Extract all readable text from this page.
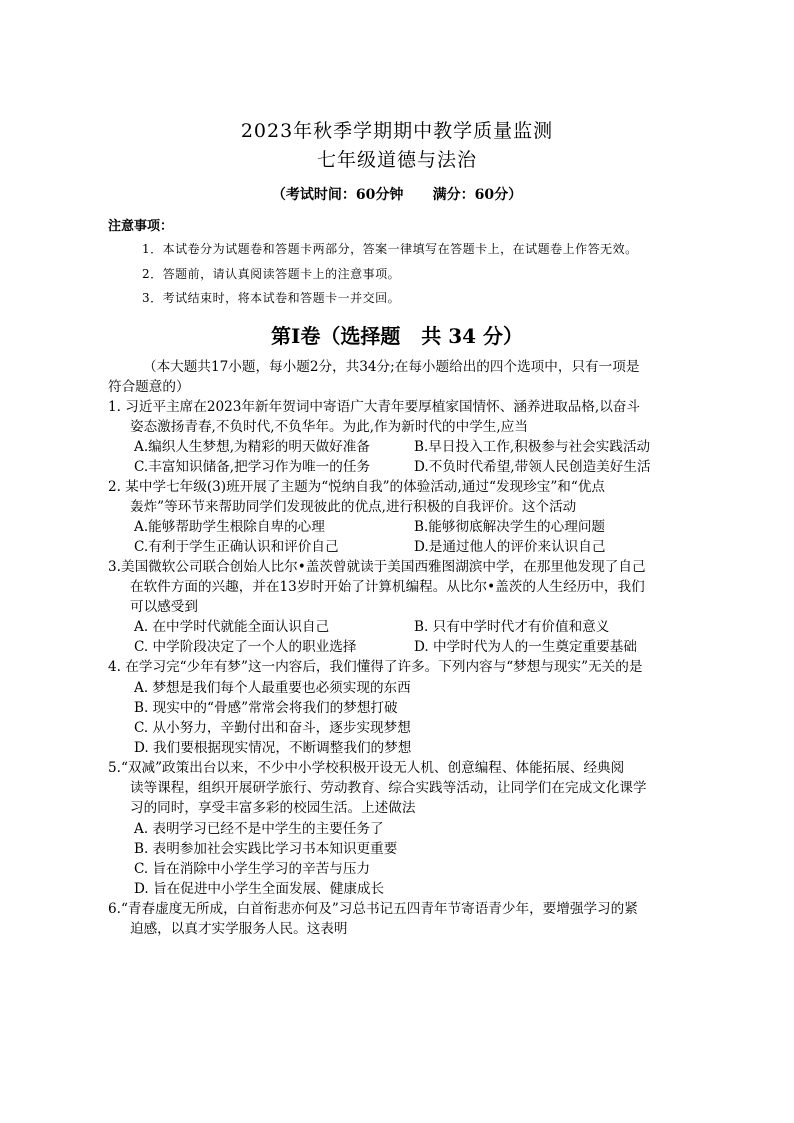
2023年秋季学期期中教学质量监测
七年级道德与法治
（考试时间：60分钟      满分：60分）
注意事项：
1．本试卷分为试题卷和答题卡两部分，答案一律填写在答题卡上，在试题卷上作答无效。
2．答题前，请认真阅读答题卡上的注意事项。
3．考试结束时，将本试卷和答题卡一并交回。
第Ⅰ卷（选择题   共 34 分）
（本大题共17小题，每小题2分，共34分;在每小题给出的四个选项中，只有一项是
符合题意的）
1. 习近平主席在2023年新年贺词中寄语广大青年要厚植家国情怀、涵养进取品格,以奋斗
姿态激扬青春,不负时代,不负华年。为此,作为新时代的中学生,应当
A.编织人生梦想,为精彩的明天做好准备	B.早日投入工作,积极参与社会实践活动
C.丰富知识储备,把学习作为唯一的任务	D.不负时代希望,带领人民创造美好生活
2. 某中学七年级(3)班开展了主题为“悦纳自我”的体验活动,通过“发现珍宝”和“优点
轰炸”等环节来帮助同学们发现彼此的优点,进行积极的自我评价。这个活动
A.能够帮助学生根除自卑的心理	B.能够彻底解决学生的心理问题
C.有利于学生正确认识和评价自己	D.是通过他人的评价来认识自己
3.美国微软公司联合创始人比尔•盖茨曾就读于美国西雅图湖滨中学，在那里他发现了自己
在软件方面的兴趣，并在13岁时开始了计算机编程。从比尔•盖茨的人生经历中，我们
可以感受到
A. 在中学时代就能全面认识自己	B. 只有中学时代才有价值和意义
C. 中学阶段决定了一个人的职业选择	D. 中学时代为人的一生奠定重要基础
4. 在学习完“少年有梦”这一内容后，我们懂得了许多。下列内容与“梦想与现实”无关的是
A. 梦想是我们每个人最重要也必须实现的东西
B. 现实中的“骨感”常常会将我们的梦想打破
C. 从小努力，辛勤付出和奋斗，逐步实现梦想
D. 我们要根据现实情况，不断调整我们的梦想
5.“双减”政策出台以来，不少中小学校积极开设无人机、创意编程、体能拓展、经典阅
读等课程，组织开展研学旅行、劳动教育、综合实践等活动，让同学们在完成文化课学
习的同时，享受丰富多彩的校园生活。上述做法
A. 表明学习已经不是中学生的主要任务了
B. 表明参加社会实践比学习书本知识更重要
C. 旨在消除中小学生学习的辛苦与压力
D. 旨在促进中小学生全面发展、健康成长
6.“青春虚度无所成，白首衔悲亦何及”习总书记五四青年节寄语青少年，要增强学习的紧
迫感，以真才实学服务人民。这表明
